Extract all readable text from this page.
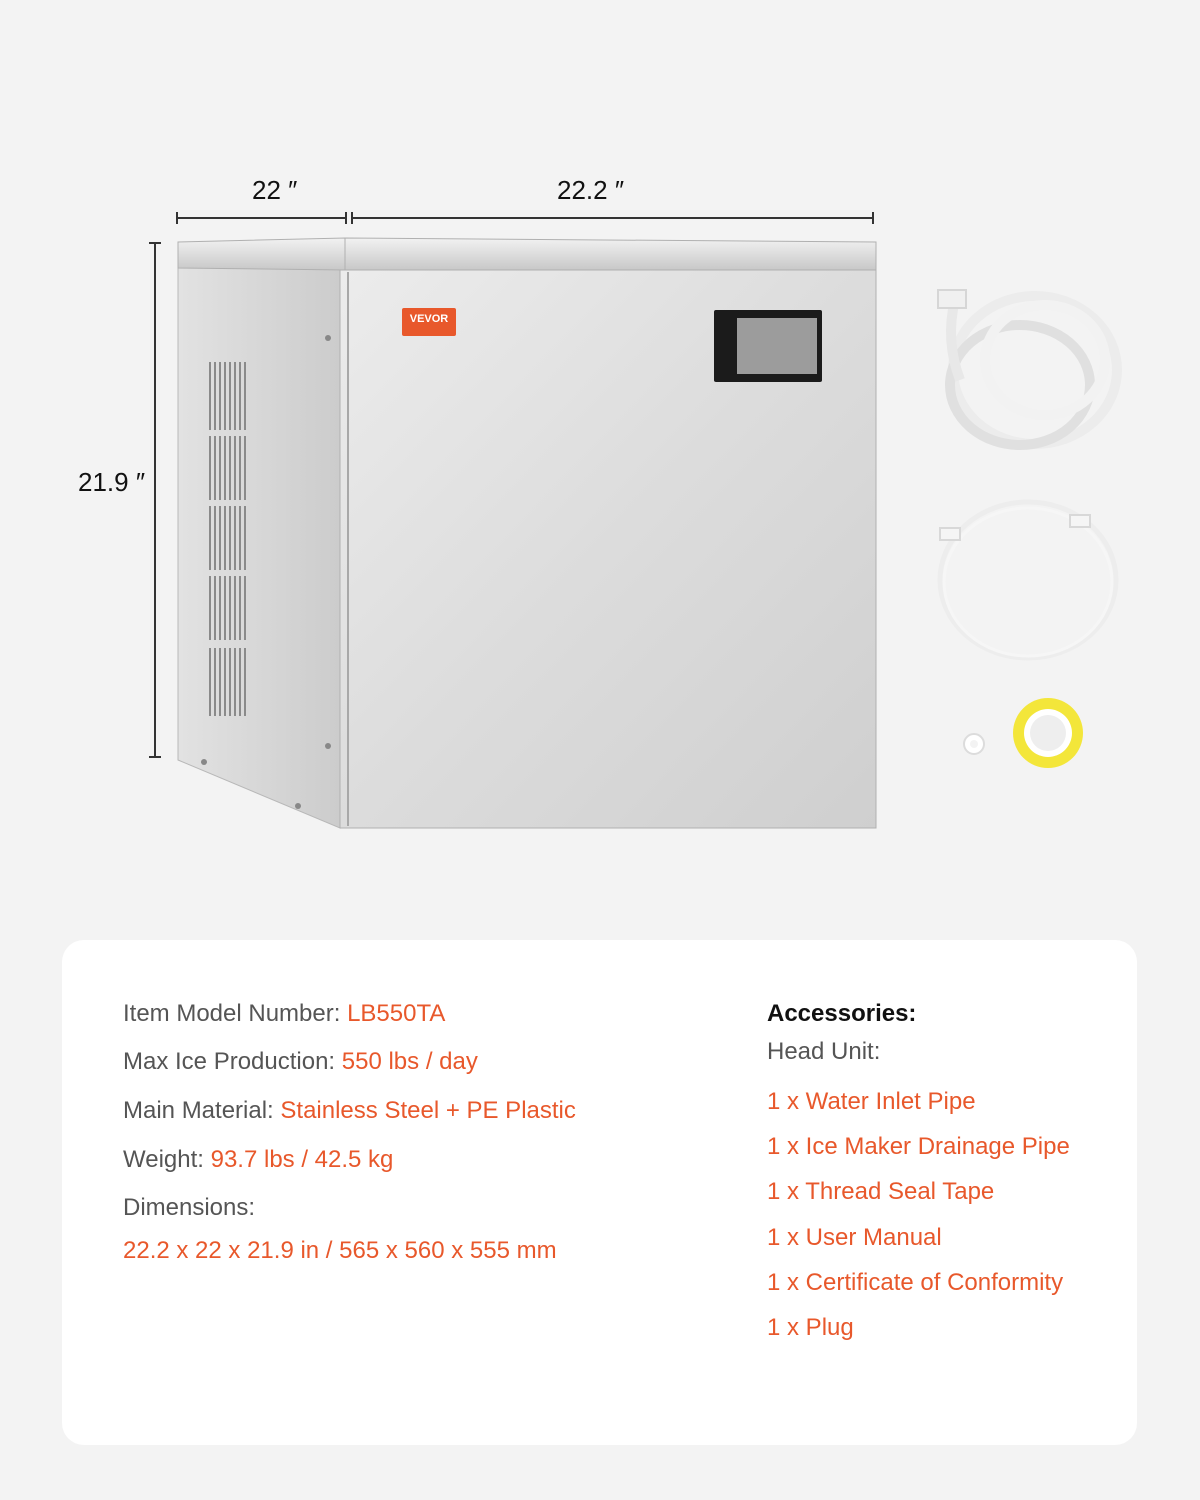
VEVOR
22 ″	22.2 ″
21.9 ″
Item Model Number: LB550TA
Max Ice Production: 550 lbs / day
Main Material: Stainless Steel + PE Plastic
Weight: 93.7 lbs / 42.5 kg
Dimensions:
22.2 x 22 x 21.9 in / 565 x 560 x 555 mm
Accessories:
Head Unit:
1 x Water Inlet Pipe
1 x Ice Maker Drainage Pipe
1 x Thread Seal Tape
1 x User Manual
1 x Certificate of Conformity
1 x Plug
